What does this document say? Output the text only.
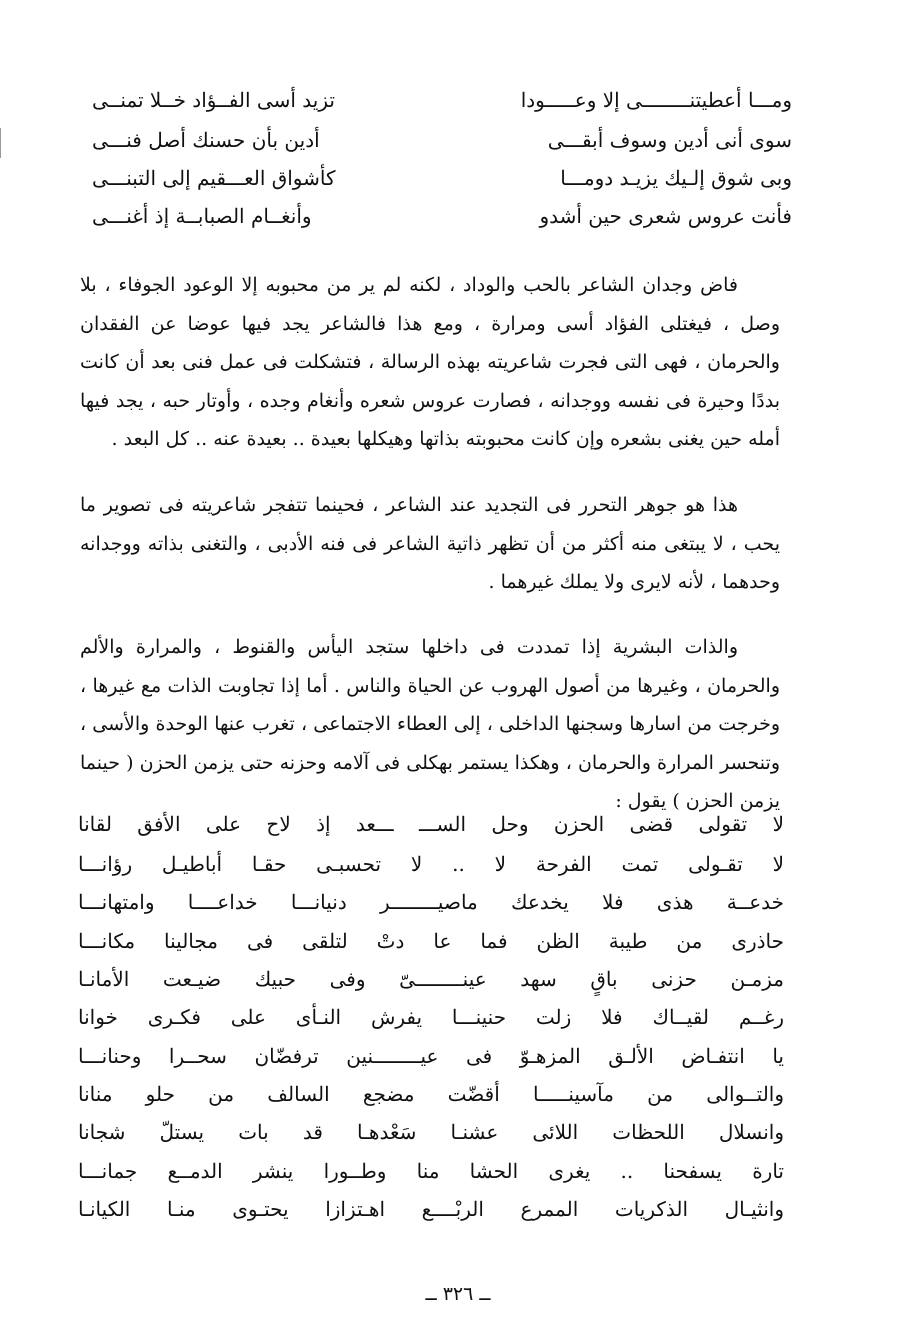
ومـــا أعطيتنــــــــى إلا وعـــــودا
تزيد أسى الفــؤاد خــلا تمنــى
سوى أنى أدين وسوف أبقـــى
أدين بأن حسنك أصل فنـــى
وبى شوق إلـيك يزيـد دومـــا
كأشواق العـــقيم إلى التبنـــى
فأنت عروس شعرى حين أشدو
وأنغــام الصبابــة إذ أغنـــى

فاض وجدان الشاعر بالحب والوداد ، لكنه لم ير من محبوبه إلا الوعود الجوفاء ، بلا وصل ، فيغتلى الفؤاد أسى ومرارة ، ومع هذا فالشاعر يجد فيها عوضا عن الفقدان والحرمان ، فهى التى فجرت شاعريته بهذه الرسالة ، فتشكلت فى عمل فنى بعد أن كانت بددًا وحيرة فى نفسه ووجدانه ، فصارت عروس شعره وأنغام وجده ، وأوتار حبه ، يجد فيها أمله حين يغنى بشعره وإن كانت محبوبته بذاتها وهيكلها بعيدة .. بعيدة عنه .. كل البعد .

هذا هو جوهر التحرر فى التجديد عند الشاعر ، فحينما تتفجر شاعريته فى تصوير ما يحب ، لا يبتغى منه أكثر من أن تظهر ذاتية الشاعر فى فنه الأدبى ، والتغنى بذاته ووجدانه وحدهما ، لأنه لايرى ولا يملك غيرهما .

والذات البشرية إذا تمددت فى داخلها ستجد اليأس والقنوط ، والمرارة والألم والحرمان ، وغيرها من أصول الهروب عن الحياة والناس . أما إذا تجاوبت الذات مع غيرها ، وخرجت من اسارها وسجنها الداخلى ، إلى العطاء الاجتماعى ، تغرب عنها الوحدة والأسى ، وتنحسر المرارة والحرمان ، وهكذا يستمر بهكلى فى آلامه وحزنه حتى يزمن الحزن ( حينما يزمن الحزن ) يقول :

لا تقولى قضى الحزن وحل الســـ ـــعد إذ لاح على الأفق لقانا
لا تقـولى تمت الفرحة لا .. لا تحسبـى حقـا أباطيـل رؤانـــا
خدعــة هذى فلا يخدعك ماصيــــــــر دنيانـــا خداعــــا وامتهانـــا
حاذرى من طيبة الظن فما عا دتْ لتلقى فى مجالينا مكانـــا
مزمـن حزنى باقٍ سهد عينــــــــىّ وفى حبيك ضيـعت الأمانـا
رغــم لقيــاك فلا زلت حنينـــا يفرش النـأى على فكـرى خوانا
يا انتفـاض الألـق المزهـوّ فى عيــــــــنين ترفضّان سحــرا وحنانـــا
والتــوالى من مآسينـــــا أقضّت مضجع السالف من حلو منانا
وانسلال اللحظات اللائى عشنـا سَعْدهـا قد بات يستلّ شجانا
تارة يسفحنا .. يغرى الحشا منا وطــورا ينشر الدمــع جمانـــا
وانثيـال الذكريات الممرع الربْــــع اهـتزازا يحتـوى منـا الكيانـا
ــ ٣٢٦ ــ
